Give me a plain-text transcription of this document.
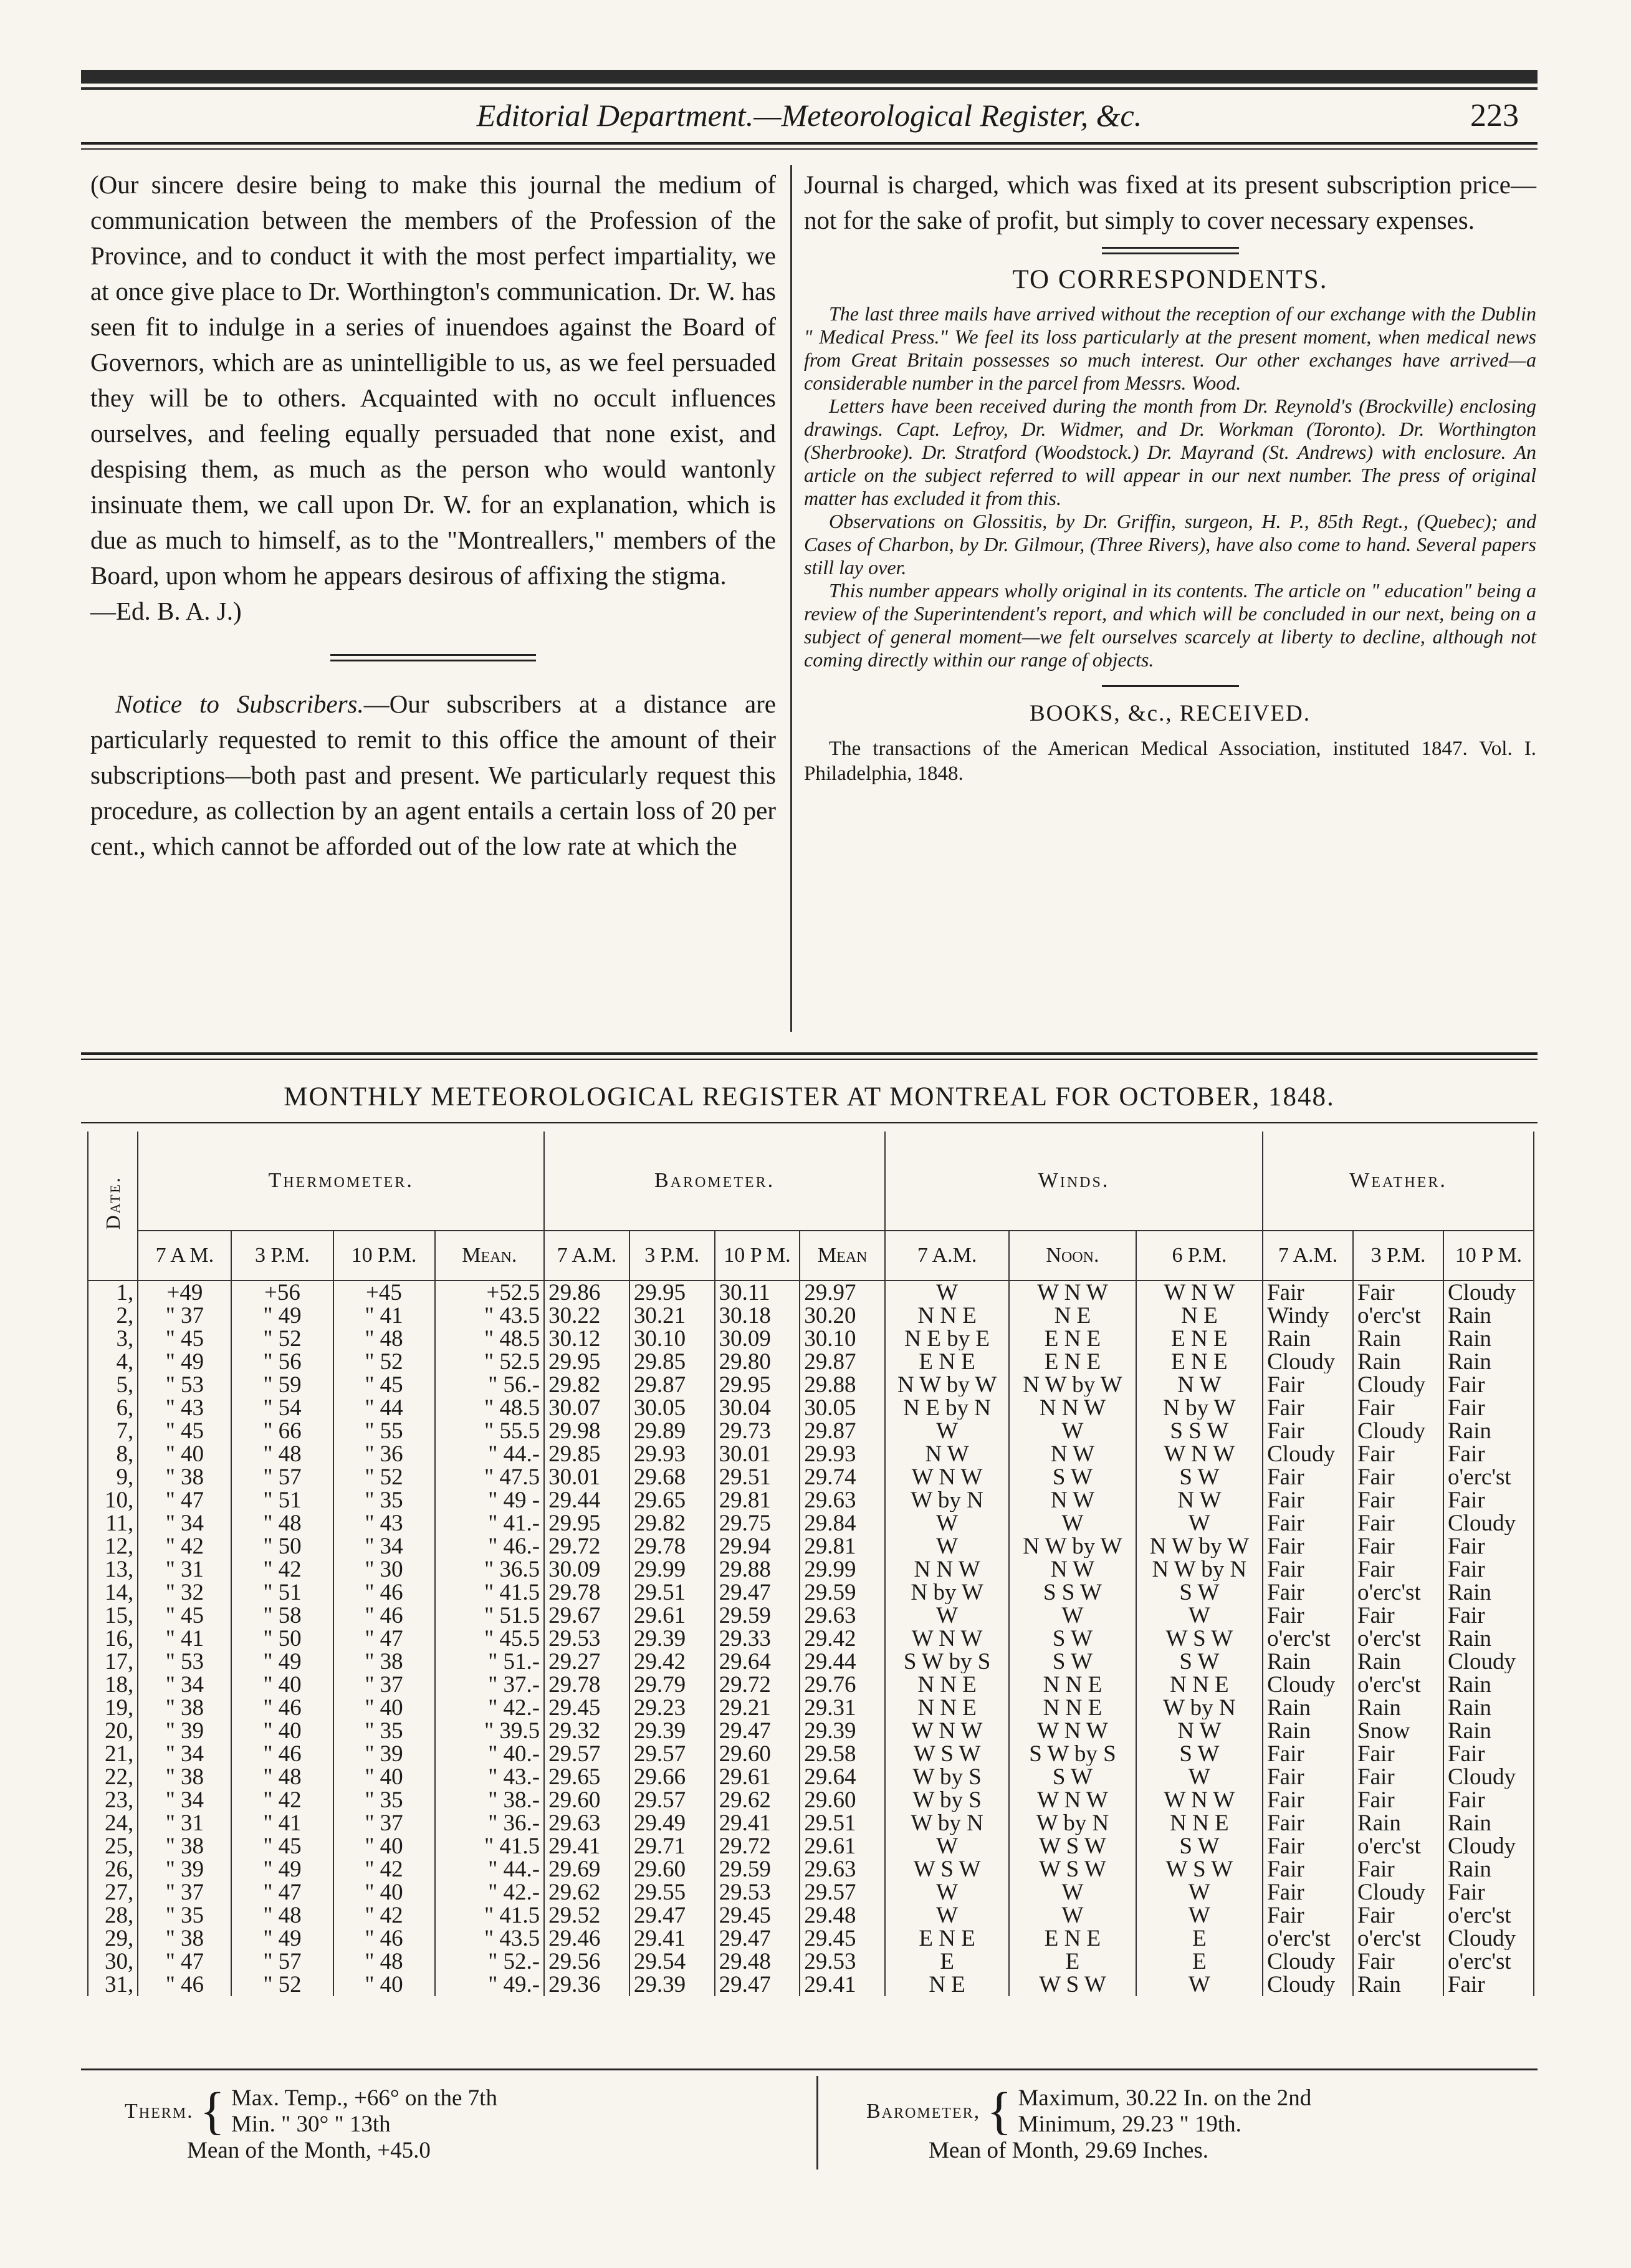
Editorial Department.—Meteorological Register, &c.	223

(Our sincere desire being to make this journal the medium of communication between the members of the Profession of the Province, and to conduct it with the most perfect impartiality, we at once give place to Dr. Worthington's communication. Dr. W. has seen fit to indulge in a series of inuendoes against the Board of Governors, which are as unintelligible to us, as we feel persuaded they will be to others. Acquainted with no occult influences ourselves, and feeling equally persuaded that none exist, and despising them, as much as the person who would wantonly insinuate them, we call upon Dr. W. for an explanation, which is due as much to himself, as to the "Montreallers," members of the Board, upon whom he appears desirous of affixing the stigma.

—Ed. B. A. J.)

Notice to Subscribers.—Our subscribers at a distance are particularly requested to remit to this office the amount of their subscriptions—both past and present. We particularly request this procedure, as collection by an agent entails a certain loss of 20 per cent., which cannot be afforded out of the low rate at which the

Journal is charged, which was fixed at its present subscription price—not for the sake of profit, but simply to cover necessary expenses.

TO CORRESPONDENTS.

The last three mails have arrived without the reception of our exchange with the Dublin " Medical Press." We feel its loss particularly at the present moment, when medical news from Great Britain possesses so much interest. Our other exchanges have arrived—a considerable number in the parcel from Messrs. Wood.

Letters have been received during the month from Dr. Reynold's (Brockville) enclosing drawings. Capt. Lefroy, Dr. Widmer, and Dr. Workman (Toronto). Dr. Worthington (Sherbrooke). Dr. Stratford (Woodstock.) Dr. Mayrand (St. Andrews) with enclosure. An article on the subject referred to will appear in our next number. The press of original matter has excluded it from this.

Observations on Glossitis, by Dr. Griffin, surgeon, H. P., 85th Regt., (Quebec); and Cases of Charbon, by Dr. Gilmour, (Three Rivers), have also come to hand. Several papers still lay over.

This number appears wholly original in its contents. The article on " education" being a review of the Superintendent's report, and which will be concluded in our next, being on a subject of general moment—we felt ourselves scarcely at liberty to decline, although not coming directly within our range of objects.

BOOKS, &c., RECEIVED.

The transactions of the American Medical Association, instituted 1847. Vol. I. Philadelphia, 1848.

MONTHLY METEOROLOGICAL REGISTER AT MONTREAL FOR OCTOBER, 1848.
Date.	Thermometer.				Barometer.				Winds.			Weather.		
	7 A M.	3 P.M.	10 P.M.	Mean.	7 A.M.	3 P.M.	10 P M.	Mean	7 A.M.	Noon.	6 P.M.	7 A.M.	3 P.M.	10 P M.
1,	+49	+56	+45	+52.5	29.86	29.95	30.11	29.97	W	W N W	W N W	Fair	Fair	Cloudy
2,	" 37	" 49	" 41	" 43.5	30.22	30.21	30.18	30.20	N N E	N E	N E	Windy	o'erc'st	Rain
3,	" 45	" 52	" 48	" 48.5	30.12	30.10	30.09	30.10	N E by E	E N E	E N E	Rain	Rain	Rain
4,	" 49	" 56	" 52	" 52.5	29.95	29.85	29.80	29.87	E N E	E N E	E N E	Cloudy	Rain	Rain
5,	" 53	" 59	" 45	" 56.-	29.82	29.87	29.95	29.88	N W by W	N W by W	N W	Fair	Cloudy	Fair
6,	" 43	" 54	" 44	" 48.5	30.07	30.05	30.04	30.05	N E by N	N N W	N by W	Fair	Fair	Fair
7,	" 45	" 66	" 55	" 55.5	29.98	29.89	29.73	29.87	W	W	S S W	Fair	Cloudy	Rain
8,	" 40	" 48	" 36	" 44.-	29.85	29.93	30.01	29.93	N W	N W	W N W	Cloudy	Fair	Fair
9,	" 38	" 57	" 52	" 47.5	30.01	29.68	29.51	29.74	W N W	S W	S W	Fair	Fair	o'erc'st
10,	" 47	" 51	" 35	" 49 -	29.44	29.65	29.81	29.63	W by N	N W	N W	Fair	Fair	Fair
11,	" 34	" 48	" 43	" 41.-	29.95	29.82	29.75	29.84	W	W	W	Fair	Fair	Cloudy
12,	" 42	" 50	" 34	" 46.-	29.72	29.78	29.94	29.81	W	N W by W	N W by W	Fair	Fair	Fair
13,	" 31	" 42	" 30	" 36.5	30.09	29.99	29.88	29.99	N N W	N W	N W by N	Fair	Fair	Fair
14,	" 32	" 51	" 46	" 41.5	29.78	29.51	29.47	29.59	N by W	S S W	S W	Fair	o'erc'st	Rain
15,	" 45	" 58	" 46	" 51.5	29.67	29.61	29.59	29.63	W	W	W	Fair	Fair	Fair
16,	" 41	" 50	" 47	" 45.5	29.53	29.39	29.33	29.42	W N W	S W	W S W	o'erc'st	o'erc'st	Rain
17,	" 53	" 49	" 38	" 51.-	29.27	29.42	29.64	29.44	S W by S	S W	S W	Rain	Rain	Cloudy
18,	" 34	" 40	" 37	" 37.-	29.78	29.79	29.72	29.76	N N E	N N E	N N E	Cloudy	o'erc'st	Rain
19,	" 38	" 46	" 40	" 42.-	29.45	29.23	29.21	29.31	N N E	N N E	W by N	Rain	Rain	Rain
20,	" 39	" 40	" 35	" 39.5	29.32	29.39	29.47	29.39	W N W	W N W	N W	Rain	Snow	Rain
21,	" 34	" 46	" 39	" 40.-	29.57	29.57	29.60	29.58	W S W	S W by S	S W	Fair	Fair	Fair
22,	" 38	" 48	" 40	" 43.-	29.65	29.66	29.61	29.64	W by S	S W	W	Fair	Fair	Cloudy
23,	" 34	" 42	" 35	" 38.-	29.60	29.57	29.62	29.60	W by S	W N W	W N W	Fair	Fair	Fair
24,	" 31	" 41	" 37	" 36.-	29.63	29.49	29.41	29.51	W by N	W by N	N N E	Fair	Rain	Rain
25,	" 38	" 45	" 40	" 41.5	29.41	29.71	29.72	29.61	W	W S W	S W	Fair	o'erc'st	Cloudy
26,	" 39	" 49	" 42	" 44.-	29.69	29.60	29.59	29.63	W S W	W S W	W S W	Fair	Fair	Rain
27,	" 37	" 47	" 40	" 42.-	29.62	29.55	29.53	29.57	W	W	W	Fair	Cloudy	Fair
28,	" 35	" 48	" 42	" 41.5	29.52	29.47	29.45	29.48	W	W	W	Fair	Fair	o'erc'st
29,	" 38	" 49	" 46	" 43.5	29.46	29.41	29.47	29.45	E N E	E N E	E	o'erc'st	o'erc'st	Cloudy
30,	" 47	" 57	" 48	" 52.-	29.56	29.54	29.48	29.53	E	E	E	Cloudy	Fair	o'erc'st
31,	" 46	" 52	" 40	" 49.-	29.36	29.39	29.47	29.41	N E	W S W	W	Cloudy	Rain	Fair
Therm. { Max. Temp., +66° on the 7th
Min. " 30° " 13th
Mean of the Month, +45.0
Barometer, { Maximum, 30.22 In. on the 2nd
Minimum, 29.23 " 19th.
Mean of Month, 29.69 Inches.
